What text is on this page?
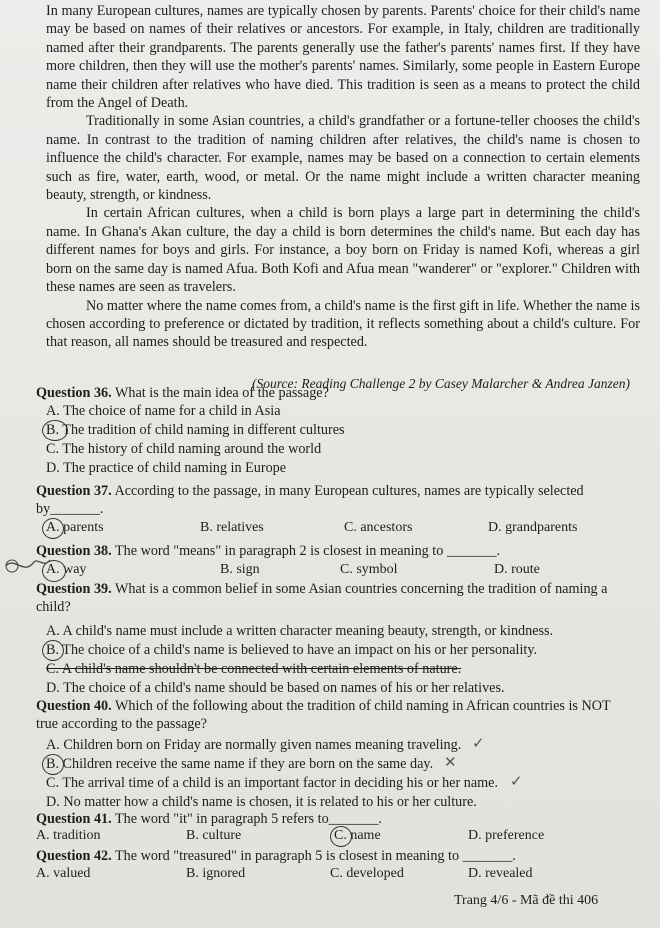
In many European cultures, names are typically chosen by parents. Parents' choice for their child's name may be based on names of their relatives or ancestors. For example, in Italy, children are traditionally named after their grandparents. The parents generally use the father's parents' names first. If they have more children, then they will use the mother's parents' names. Similarly, some people in Eastern Europe name their children after relatives who have died. This tradition is seen as a means to protect the child from the Angel of Death.

Traditionally in some Asian countries, a child's grandfather or a fortune-teller chooses the child's name. In contrast to the tradition of naming children after relatives, the child's name is chosen to influence the child's character. For example, names may be based on a connection to certain elements such as fire, water, earth, wood, or metal. Or the name might include a written character meaning beauty, strength, or kindness.

In certain African cultures, when a child is born plays a large part in determining the child's name. In Ghana's Akan culture, the day a child is born determines the child's name. But each day has different names for boys and girls. For instance, a boy born on Friday is named Kofi, whereas a girl born on the same day is named Afua. Both Kofi and Afua mean "wanderer" or "explorer." Children with these names are seen as travelers.

No matter where the name comes from, a child's name is the first gift in life. Whether the name is chosen according to preference or dictated by tradition, it reflects something about a child's culture. For that reason, all names should be treasured and respected.

(Source: Reading Challenge 2 by Casey Malarcher & Andrea Janzen)
Question 36. What is the main idea of the passage?
A. The choice of name for a child in Asia
B. The tradition of child naming in different cultures
C. The history of child naming around the world
D. The practice of child naming in Europe
Question 37. According to the passage, in many European cultures, names are typically selected by_______.
A. parents	B. relatives	C. ancestors	D. grandparents
Question 38. The word "means" in paragraph 2 is closest in meaning to _______.
A. way	B. sign	C. symbol	D. route
Question 39. What is a common belief in some Asian countries concerning the tradition of naming a child?
A. A child's name must include a written character meaning beauty, strength, or kindness.
B. The choice of a child's name is believed to have an impact on his or her personality.
C. A child's name shouldn't be connected with certain elements of nature.
D. The choice of a child's name should be based on names of his or her relatives.
Question 40. Which of the following about the tradition of child naming in African countries is NOT true according to the passage?
A. Children born on Friday are normally given names meaning traveling.
B. Children receive the same name if they are born on the same day.
C. The arrival time of a child is an important factor in deciding his or her name.
D. No matter how a child's name is chosen, it is related to his or her culture.
✓
✕
✓
Question 41. The word "it" in paragraph 5 refers to_______.
A. tradition	B. culture	C. name	D. preference
Question 42. The word "treasured" in paragraph 5 is closest in meaning to _______.
A. valued	B. ignored	C. developed	D. revealed
Trang 4/6 - Mã đề thi 406
